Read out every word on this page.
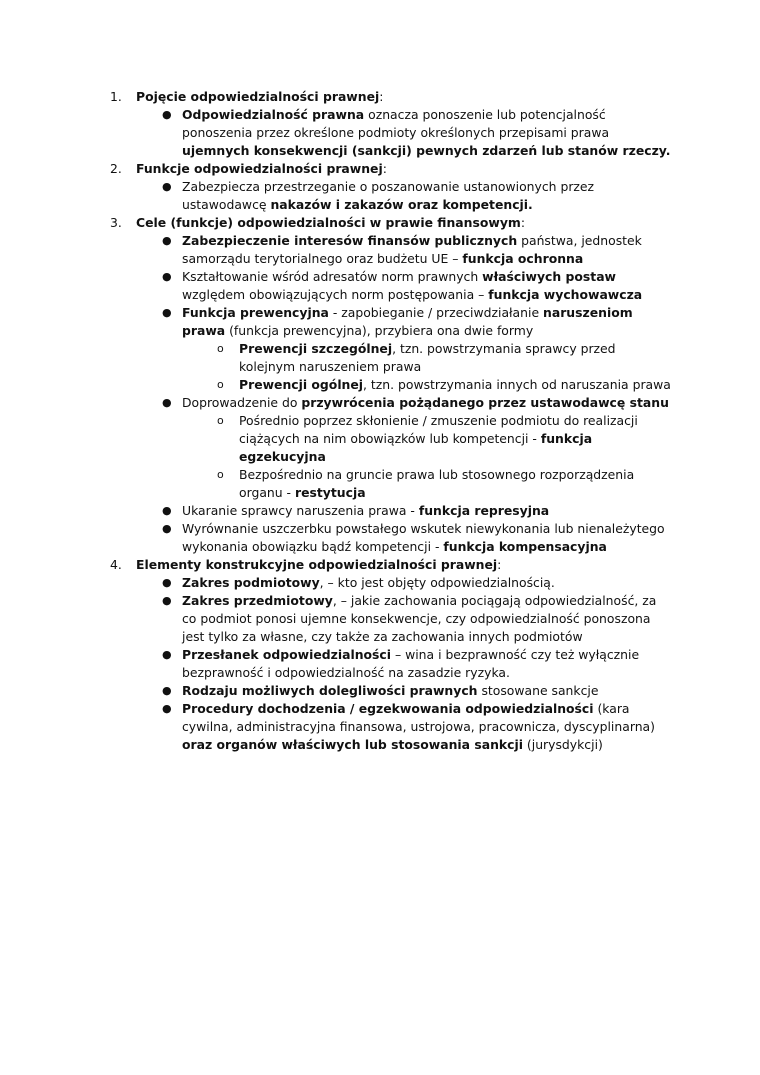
1. Pojęcie odpowiedzialności prawnej:
● Odpowiedzialność prawna oznacza ponoszenie lub potencjalność ponoszenia przez określone podmioty określonych przepisami prawa ujemnych konsekwencji (sankcji) pewnych zdarzeń lub stanów rzeczy.
2. Funkcje odpowiedzialności prawnej:
● Zabezpiecza przestrzeganie o poszanowanie ustanowionych przez ustawodawcę nakazów i zakazów oraz kompetencji.
3. Cele (funkcje) odpowiedzialności w prawie finansowym:
● Zabezpieczenie interesów finansów publicznych państwa, jednostek samorządu terytorialnego oraz budżetu UE – funkcja ochronna
● Kształtowanie wśród adresatów norm prawnych właściwych postaw względem obowiązujących norm postępowania – funkcja wychowawcza
● Funkcja prewencyjna - zapobieganie / przeciwdziałanie naruszeniom prawa (funkcja prewencyjna), przybiera ona dwie formy
o Prewencji szczególnej, tzn. powstrzymania sprawcy przed kolejnym naruszeniem prawa
o Prewencji ogólnej, tzn. powstrzymania innych od naruszania prawa
● Doprowadzenie do przywrócenia pożądanego przez ustawodawcę stanu
o Pośrednio poprzez skłonienie / zmuszenie podmiotu do realizacji ciążących na nim obowiązków lub kompetencji - funkcja egzekucyjna
o Bezpośrednio na gruncie prawa lub stosownego rozporządzenia organu - restytucja
● Ukaranie sprawcy naruszenia prawa - funkcja represyjna
● Wyrównanie uszczerbku powstałego wskutek niewykonania lub nienależytego wykonania obowiązku bądź kompetencji - funkcja kompensacyjna
4. Elementy konstrukcyjne odpowiedzialności prawnej:
● Zakres podmiotowy, – kto jest objęty odpowiedzialnością.
● Zakres przedmiotowy, – jakie zachowania pociągają odpowiedzialność, za co podmiot ponosi ujemne konsekwencje, czy odpowiedzialność ponoszona jest tylko za własne, czy także za zachowania innych podmiotów
● Przesłanek odpowiedzialności – wina i bezprawność czy też wyłącznie bezprawność i odpowiedzialność na zasadzie ryzyka.
● Rodzaju możliwych dolegliwości prawnych stosowane sankcje
● Procedury dochodzenia / egzekwowania odpowiedzialności (kara cywilna, administracyjna finansowa, ustrojowa, pracownicza, dyscyplinarna) oraz organów właściwych lub stosowania sankcji (jurysdykcji)
